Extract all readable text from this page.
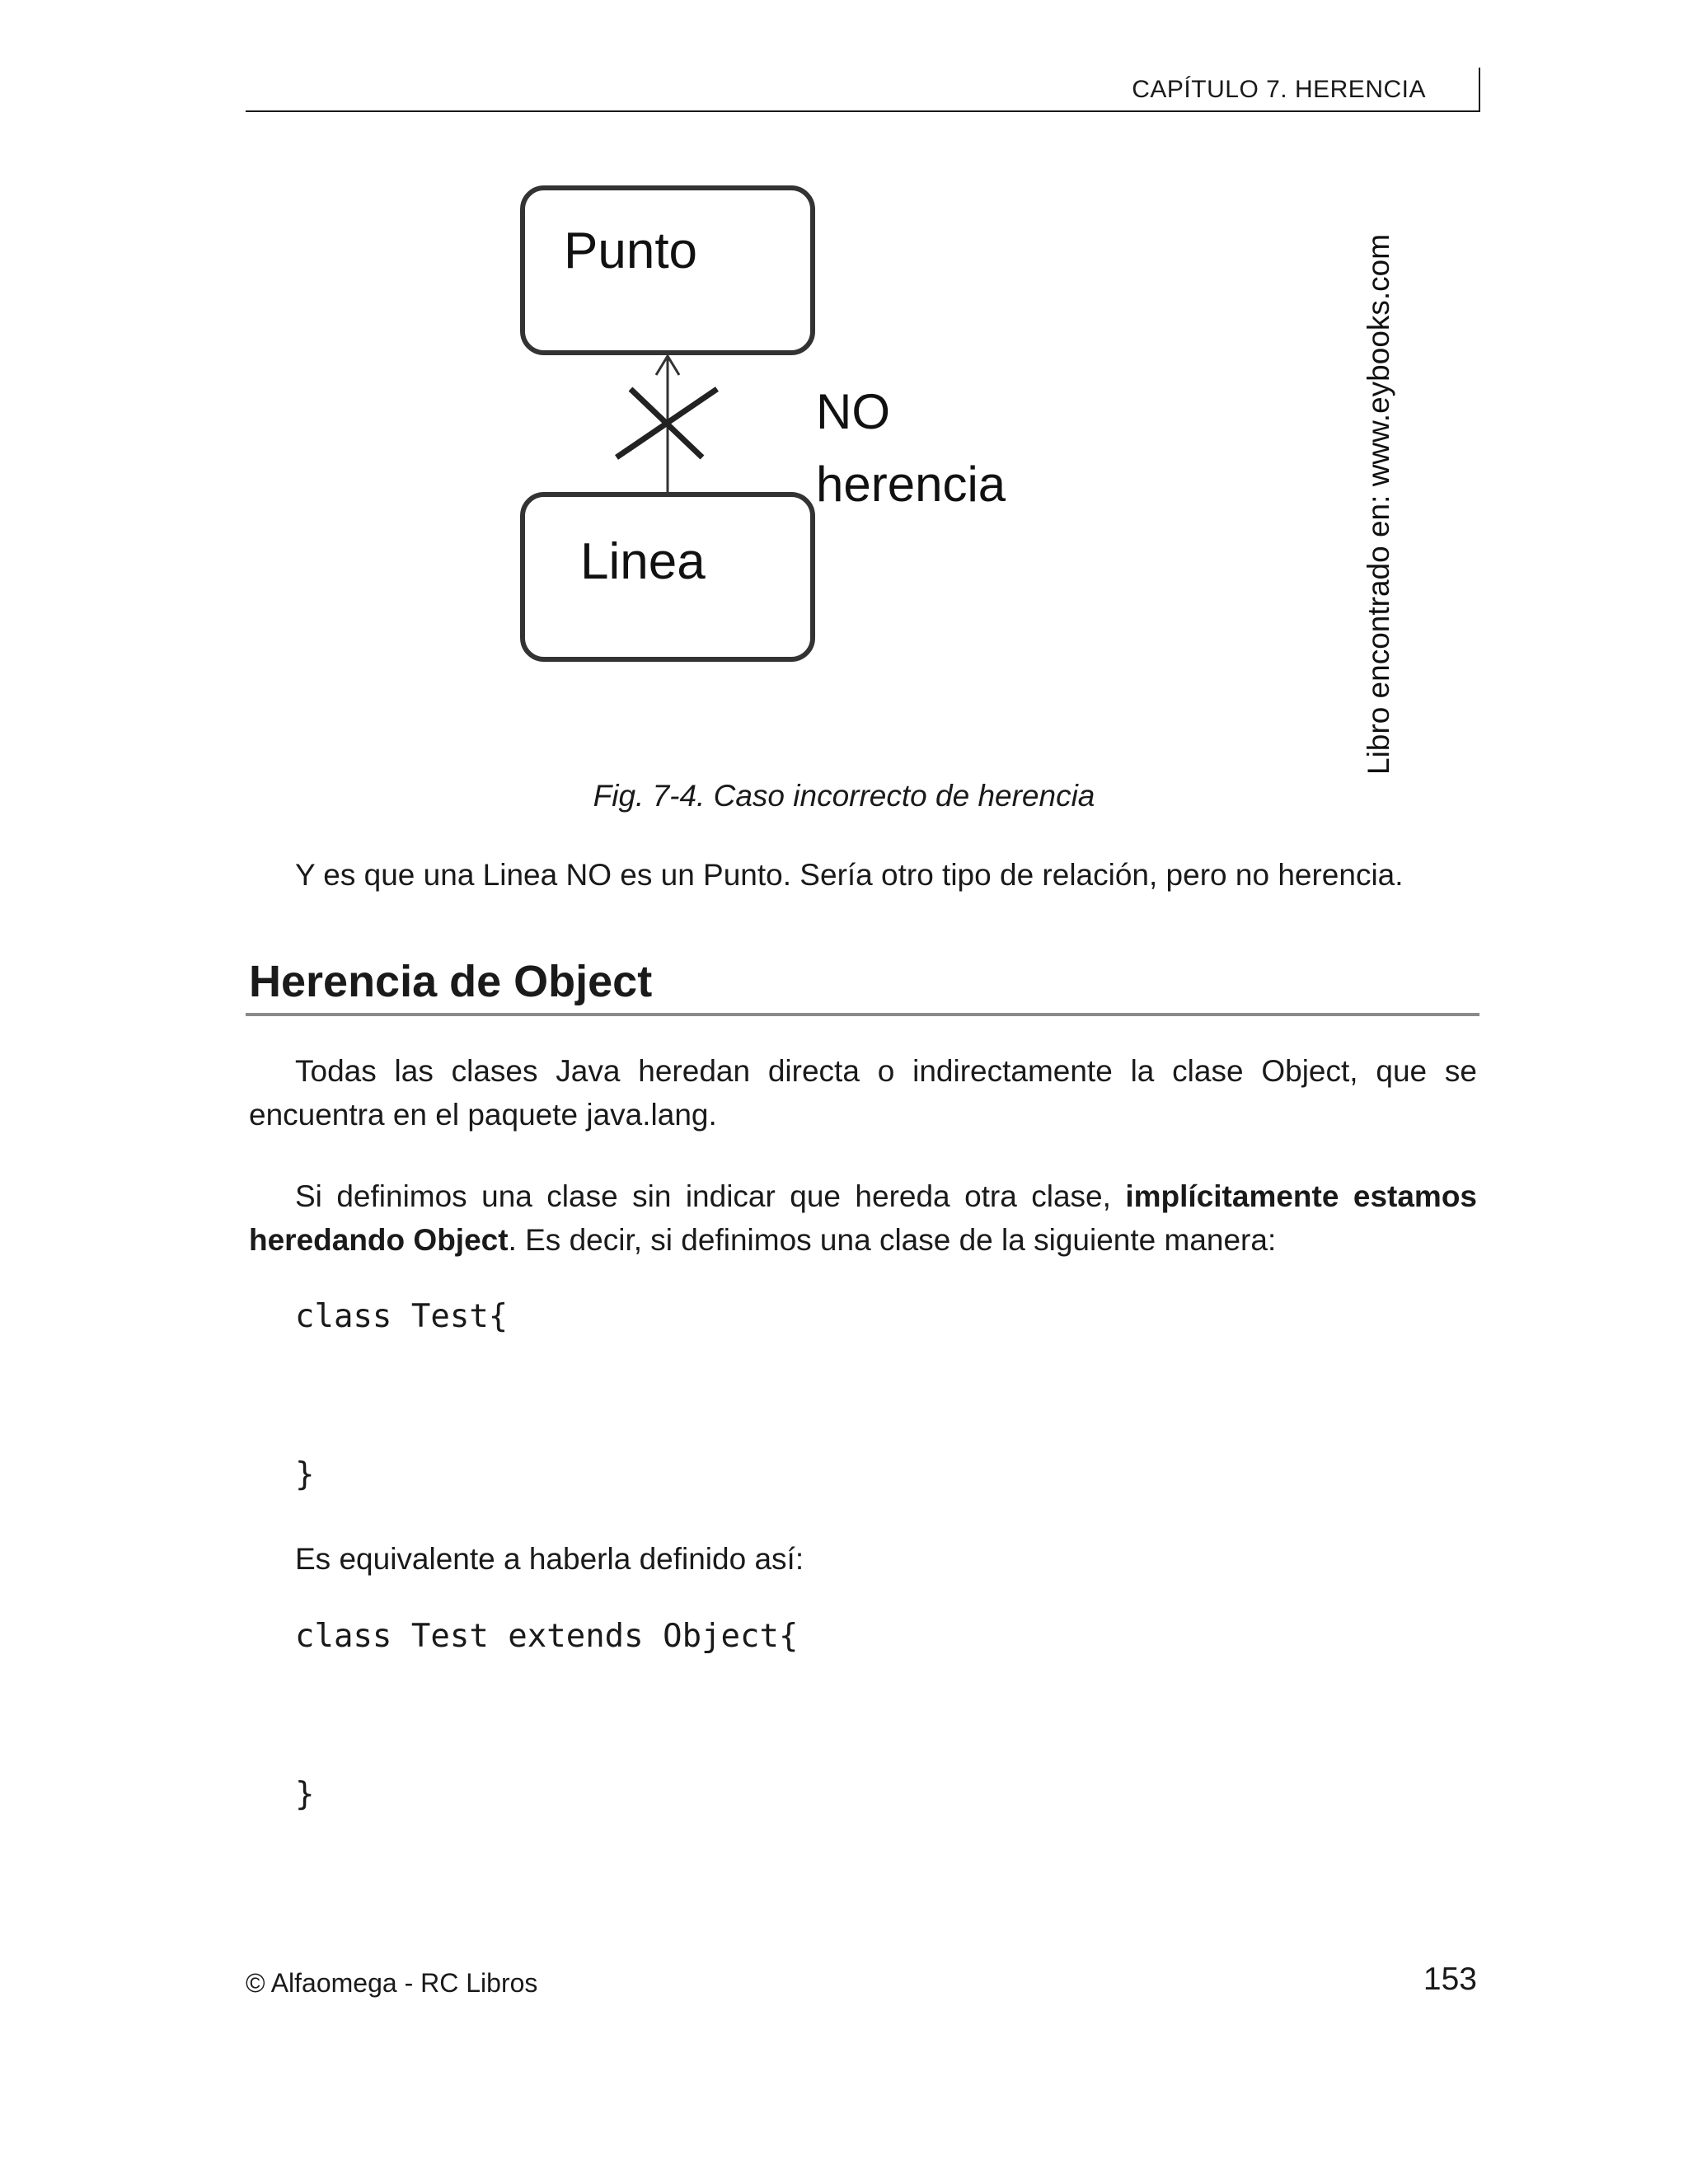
CAPÍTULO 7. HERENCIA
Punto
Linea
NO
herencia	Libro encontrado en: www.eybooks.com
Fig. 7-4. Caso incorrecto de herencia
Y es que una Linea NO es un Punto. Sería otro tipo de relación, pero no herencia.
Herencia de Object
Todas las clases Java heredan directa o indirectamente la clase Object, que se encuentra en el paquete java.lang.
Si definimos una clase sin indicar que hereda otra clase, implícitamente estamos heredando Object. Es decir, si definimos una clase de la siguiente manera:
class Test{
}
Es equivalente a haberla definido así:
class Test extends Object{
}
© Alfaomega - RC Libros	153
